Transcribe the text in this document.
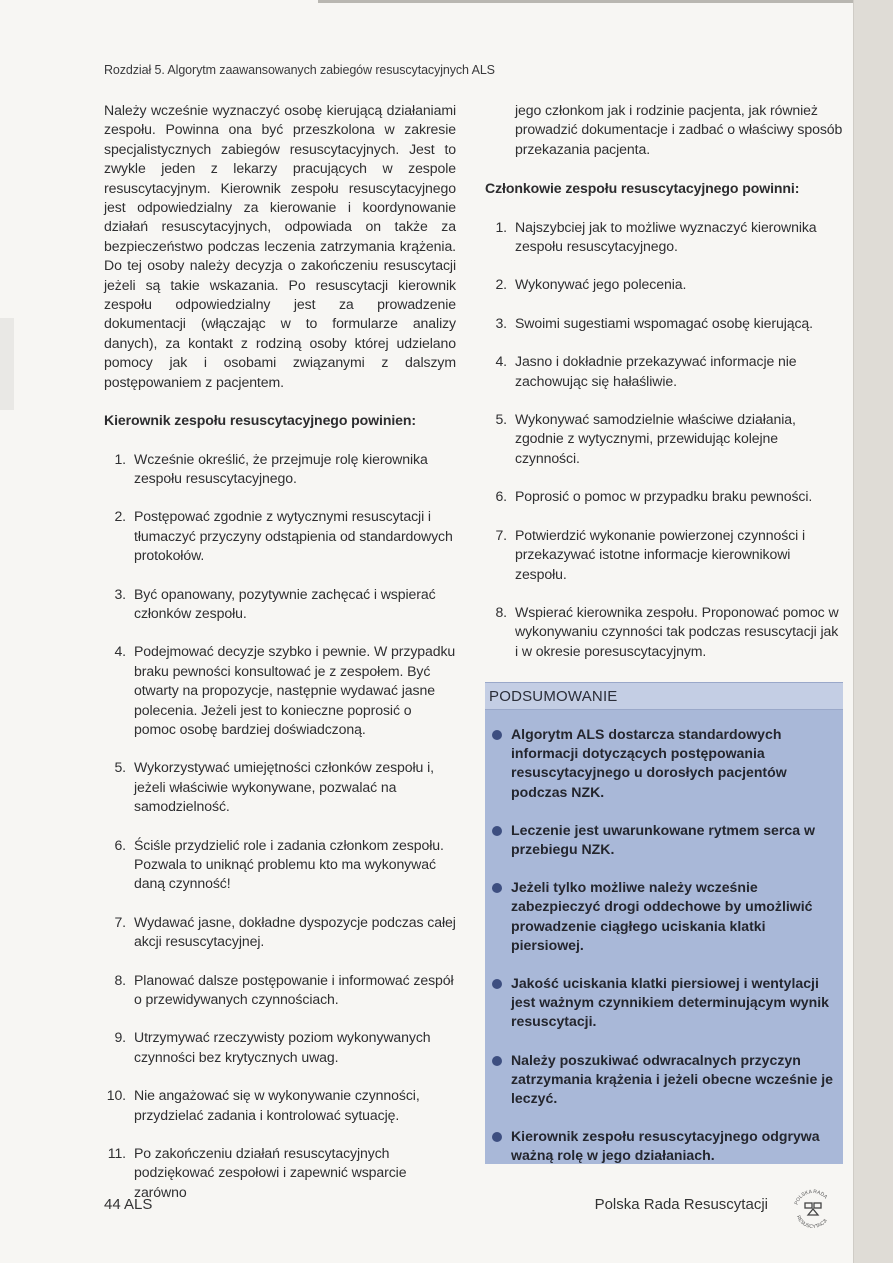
Rozdział 5. Algorytm zaawansowanych zabiegów resuscytacyjnych ALS

Należy wcześnie wyznaczyć osobę kierującą działaniami zespołu. Powinna ona być przeszkolona w zakresie specjalistycznych zabiegów resuscytacyjnych. Jest to zwykle jeden z lekarzy pracujących w zespole resuscytacyjnym. Kierownik zespołu resuscytacyjnego jest odpowiedzialny za kierowanie i koordynowanie działań resuscytacyjnych, odpowiada on także za bezpieczeństwo podczas leczenia zatrzymania krążenia. Do tej osoby należy decyzja o zakończeniu resuscytacji jeżeli są takie wskazania. Po resuscytacji kierownik zespołu odpowiedzialny jest za prowadzenie dokumentacji (włączając w to formularze analizy danych), za kontakt z rodziną osoby której udzielano pomocy jak i osobami związanymi z dalszym postępowaniem z pacjentem.

Kierownik zespołu resuscytacyjnego powinien:

1. Wcześnie określić, że przejmuje rolę kierownika zespołu resuscytacyjnego.
2. Postępować zgodnie z wytycznymi resuscytacji i tłumaczyć przyczyny odstąpienia od standardowych protokołów.
3. Być opanowany, pozytywnie zachęcać i wspierać członków zespołu.
4. Podejmować decyzje szybko i pewnie. W przypadku braku pewności konsultować je z zespołem. Być otwarty na propozycje, następnie wydawać jasne polecenia. Jeżeli jest to konieczne poprosić o pomoc osobę bardziej doświadczoną.
5. Wykorzystywać umiejętności członków zespołu i, jeżeli właściwie wykonywane, pozwalać na samodzielność.
6. Ściśle przydzielić role i zadania członkom zespołu. Pozwala to uniknąć problemu kto ma wykonywać daną czynność!
7. Wydawać jasne, dokładne dyspozycje podczas całej akcji resuscytacyjnej.
8. Planować dalsze postępowanie i informować zespół o przewidywanych czynnościach.
9. Utrzymywać rzeczywisty poziom wykonywanych czynności bez krytycznych uwag.
10. Nie angażować się w wykonywanie czynności, przydzielać zadania i kontrolować sytuację.
11. Po zakończeniu działań resuscytacyjnych podziękować zespołowi i zapewnić wsparcie zarówno

jego członkom jak i rodzinie pacjenta, jak również prowadzić dokumentacje i zadbać o właściwy sposób przekazania pacjenta.

Członkowie zespołu resuscytacyjnego powinni:

1. Najszybciej jak to możliwe wyznaczyć kierownika zespołu resuscytacyjnego.
2. Wykonywać jego polecenia.
3. Swoimi sugestiami wspomagać osobę kierującą.
4. Jasno i dokładnie przekazywać informacje nie zachowując się hałaśliwie.
5. Wykonywać samodzielnie właściwe działania, zgodnie z wytycznymi, przewidując kolejne czynności.
6. Poprosić o pomoc w przypadku braku pewności.
7. Potwierdzić wykonanie powierzonej czynności i przekazywać istotne informacje kierownikowi zespołu.
8. Wspierać kierownika zespołu. Proponować pomoc w wykonywaniu czynności tak podczas resuscytacji jak i w okresie poresuscytacyjnym.
PODSUMOWANIE
Algorytm ALS dostarcza standardowych informacji dotyczących postępowania resuscytacyjnego u dorosłych pacjentów podczas NZK.
Leczenie jest uwarunkowane rytmem serca w przebiegu NZK.
Jeżeli tylko możliwe należy wcześnie zabezpieczyć drogi oddechowe by umożliwić prowadzenie ciągłego uciskania klatki piersiowej.
Jakość uciskania klatki piersiowej i wentylacji jest ważnym czynnikiem determinującym wynik resuscytacji.
Należy poszukiwać odwracalnych przyczyn zatrzymania krążenia i jeżeli obecne wcześnie je leczyć.
Kierownik zespołu resuscytacyjnego odgrywa ważną rolę w jego działaniach.
44 ALS	Polska Rada Resuscytacji	POLSKA RADA
RESUSCYTACJI
